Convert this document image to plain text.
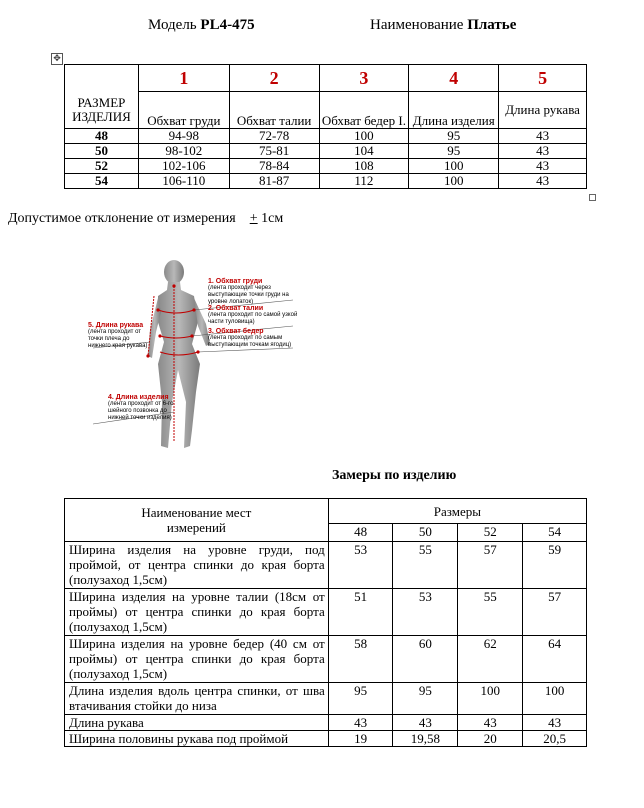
Модель PL4-475	Наименование Платье
✥
РАЗМЕР ИЗДЕЛИЯ	1	2	3	4	5
	Обхват груди	Обхват талии	Обхват бедер I.	Длина изделия	Длина рукава
48	94-98	72-78	100	95	43
50	98-102	75-81	104	95	43
52	102-106	78-84	108	100	43
54	106-110	81-87	112	100	43
Допустимое отклонение от измерения + 1см
1. Обхват груди
(лента проходит через выступающие точки груди на уровне лопаток)
2. Обхват талии
(лента проходит по самой узкой части туловища)
3. Обхват бедер
(лента проходит по самым выступающим точкам ягодиц)
5. Длина рукава
(лента проходит от точки плеча до нижнего края рукава)
4. Длина изделия
(лента проходит от 6-го шейного позвонка до нижней точки изделия)
Замеры по изделию
Наименование мест измерений	Размеры			
	48	50	52	54
Ширина изделия на уровне груди, под проймой, от центра спинки до края борта (полузаход 1,5см)	53	55	57	59
Ширина изделия на уровне талии (18см от проймы) от центра спинки до края борта (полузаход 1,5см)	51	53	55	57
Ширина изделия на уровне бедер (40 см от проймы) от центра спинки до края борта (полузаход 1,5см)	58	60	62	64
Длина изделия вдоль центра спинки, от шва втачивания стойки до низа	95	95	100	100
Длина рукава	43	43	43	43
Ширина половины рукава под проймой	19	19,58	20	20,5
